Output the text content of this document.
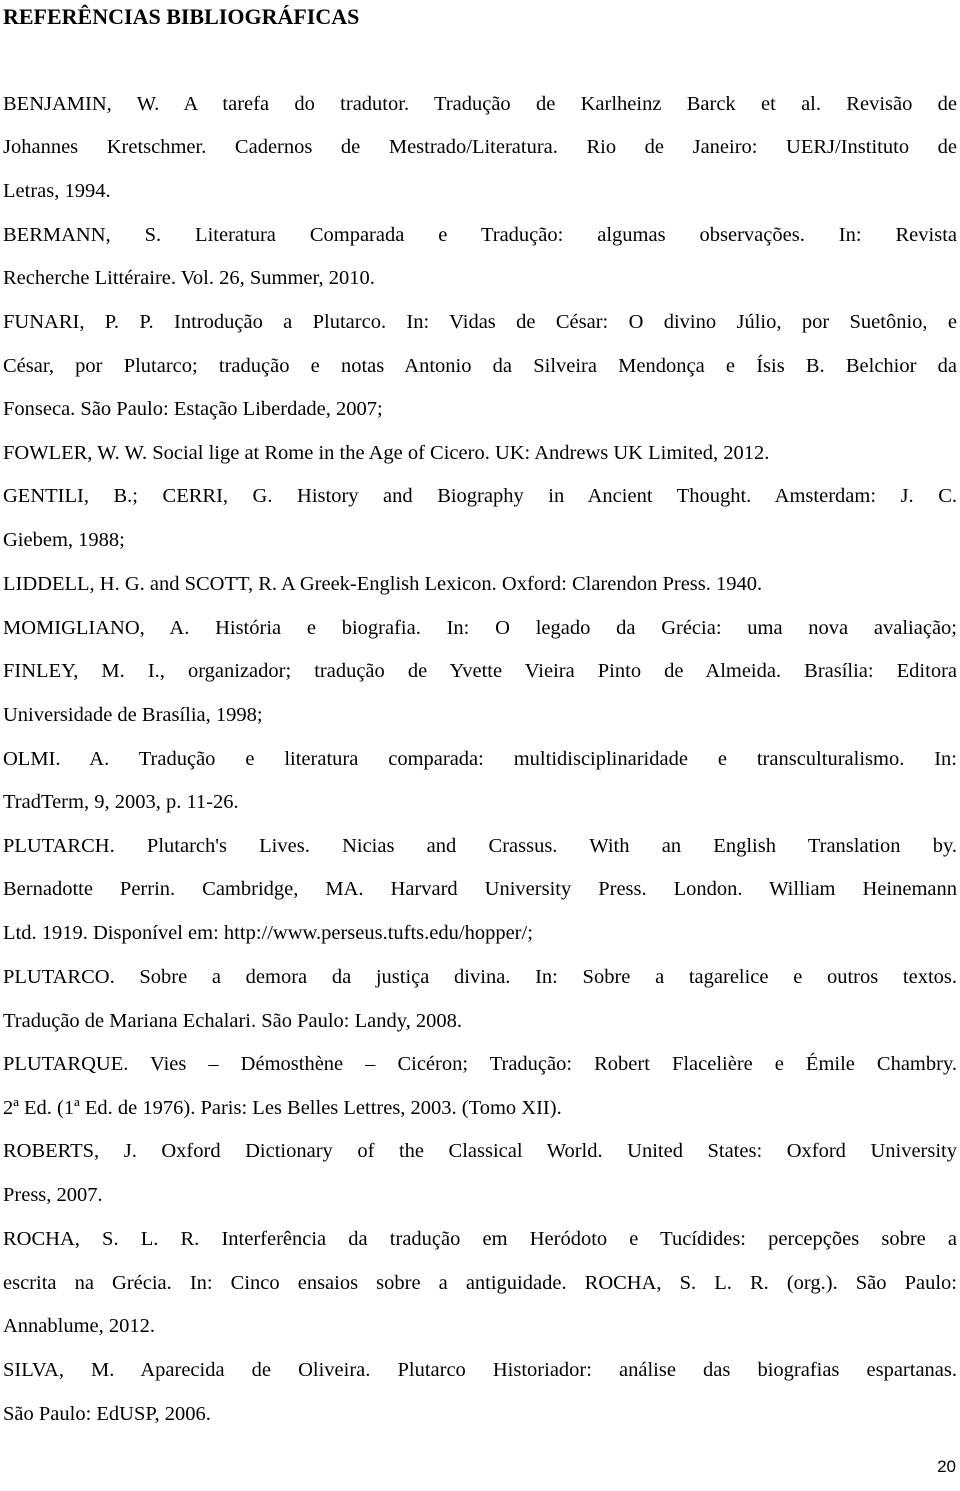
REFERÊNCIAS BIBLIOGRÁFICAS
BENJAMIN, W. A tarefa do tradutor. Tradução de Karlheinz Barck et al. Revisão de
Johannes Kretschmer. Cadernos de Mestrado/Literatura. Rio de Janeiro: UERJ/Instituto de
Letras, 1994.
BERMANN, S. Literatura Comparada e Tradução: algumas observações. In: Revista
Recherche Littéraire. Vol. 26, Summer, 2010.
FUNARI, P. P. Introdução a Plutarco. In: Vidas de César: O divino Júlio, por Suetônio, e
César, por Plutarco; tradução e notas Antonio da Silveira Mendonça e Ísis B. Belchior da
Fonseca. São Paulo: Estação Liberdade, 2007;
FOWLER, W. W. Social lige at Rome in the Age of Cicero. UK: Andrews UK Limited, 2012.
GENTILI, B.; CERRI, G. History and Biography in Ancient Thought. Amsterdam: J. C.
Giebem, 1988;
LIDDELL, H. G. and SCOTT, R. A Greek-English Lexicon. Oxford: Clarendon Press. 1940.
MOMIGLIANO, A. História e biografia. In: O legado da Grécia: uma nova avaliação;
FINLEY, M. I., organizador; tradução de Yvette Vieira Pinto de Almeida. Brasília: Editora
Universidade de Brasília, 1998;
OLMI. A. Tradução e literatura comparada: multidisciplinaridade e transculturalismo. In:
TradTerm, 9, 2003, p. 11-26.
PLUTARCH. Plutarch's Lives. Nicias and Crassus. With an English Translation by.
Bernadotte Perrin. Cambridge, MA. Harvard University Press. London. William Heinemann
Ltd. 1919. Disponível em: http://www.perseus.tufts.edu/hopper/;
PLUTARCO. Sobre a demora da justiça divina. In: Sobre a tagarelice e outros textos.
Tradução de Mariana Echalari. São Paulo: Landy, 2008.
PLUTARQUE. Vies – Démosthène – Cicéron; Tradução: Robert Flacelière e Émile Chambry.
2ª Ed. (1ª Ed. de 1976). Paris: Les Belles Lettres, 2003. (Tomo XII).
ROBERTS, J. Oxford Dictionary of the Classical World. United States: Oxford University
Press, 2007.
ROCHA, S. L. R. Interferência da tradução em Heródoto e Tucídides: percepções sobre a
escrita na Grécia. In: Cinco ensaios sobre a antiguidade. ROCHA, S. L. R. (org.). São Paulo:
Annablume, 2012.
SILVA, M. Aparecida de Oliveira. Plutarco Historiador: análise das biografias espartanas.
São Paulo: EdUSP, 2006.
20
